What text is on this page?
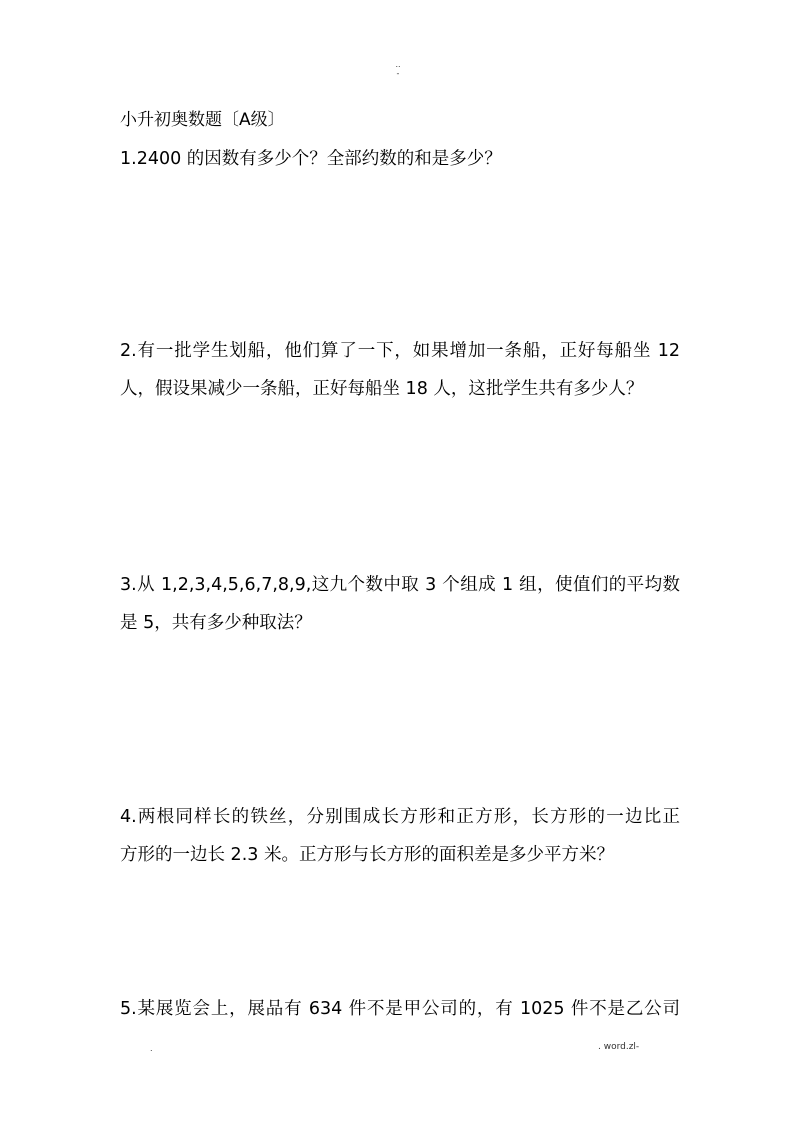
..
-
小升初奥数题〔A级〕
1.2400 的因数有多少个？全部约数的和是多少？
2.有一批学生划船，他们算了一下，如果增加一条船，正好每船坐 12
人，假设果减少一条船，正好每船坐 18 人，这批学生共有多少人？
3.从 1,2,3,4,5,6,7,8,9,这九个数中取 3 个组成 1 组，使值们的平均数
是 5，共有多少种取法？
4.两根同样长的铁丝，分别围成长方形和正方形，长方形的一边比正
方形的一边长 2.3 米。正方形与长方形的面积差是多少平方米？
5.某展览会上，展品有 634 件不是甲公司的，有 1025 件不是乙公司
.	. word.zl-
